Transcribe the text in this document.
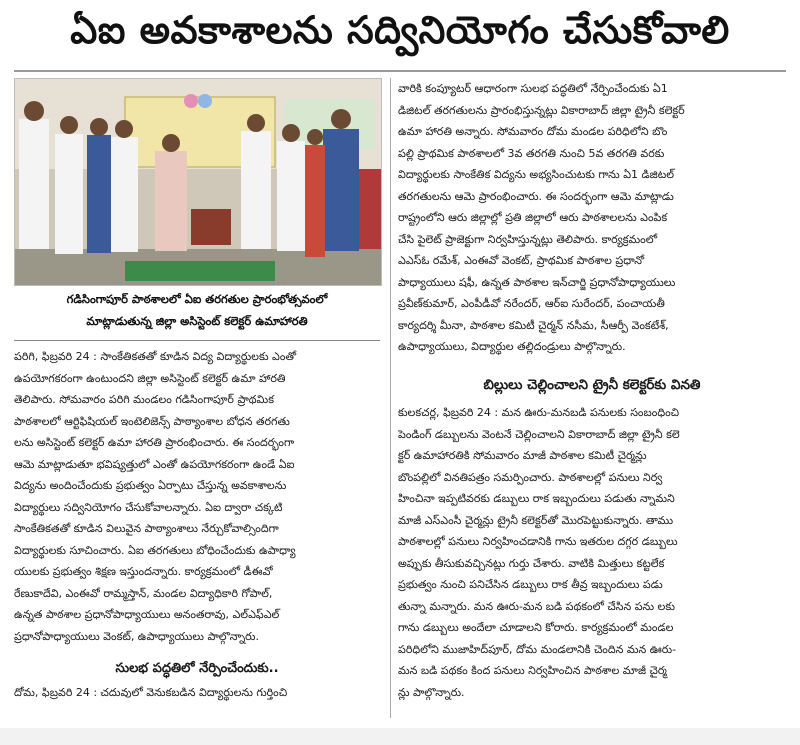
ఏఐ అవకాశాలను సద్వినియోగం చేసుకోవాలి
గడిసింగాపూర్ పాఠశాలలో ఏఐ తరగతుల ప్రారంభోత్సవంలో
మాట్లాడుతున్న జిల్లా అసిస్టెంట్ కలెక్టర్ ఉమాహారతి
పరిగి, ఫిబ్రవరి 24 : సాంకేతికతతో కూడిన విద్య విద్యార్థులకు ఎంతో
ఉపయోగకరంగా ఉంటుందని జిల్లా అసిస్టెంట్ కలెక్టర్ ఉమా హారతి
తెలిపారు. సోమవారం పరిగి మండలం గడిసింగాపూర్ ప్రాథమిక
పాఠశాలలో ఆర్టిఫిషియల్ ఇంటెలిజెన్స్ పాఠ్యాంశాల బోధన తరగతు
లను అసిస్టెంట్ కలెక్టర్ ఉమా హారతి ప్రారంభించారు. ఈ సందర్భంగా
ఆమె మాట్లాడుతూ భవిష్యత్తులో ఎంతో ఉపయోగకరంగా ఉండే ఏఐ
విద్యను అందించేందుకు ప్రభుత్వం ఏర్పాటు చేస్తున్న అవకాశాలను
విద్యార్థులు సద్వినియోగం చేసుకోవాలన్నారు. ఏఐ ద్వారా చక్కటి
సాంకేతికతతో కూడిన విలువైన పాఠ్యాంశాలు నేర్చుకోవాల్సిందిగా
విద్యార్థులకు సూచించారు. ఏఐ తరగతులు బోధించేందుకు ఉపాధ్యా
యులకు ప్రభుత్వం శిక్షణ ఇస్తుందన్నారు. కార్యక్రమంలో డీఈవో
రేణుకాదేవి, ఎంఈవో రామ్మస్తాన్, మండల విద్యాధికారి గోపాల్,
ఉన్నత పాఠశాల ప్రధానోపాధ్యాయులు అనంతరావు, ఎల్ఎఫ్ఎల్
ప్రధానోపాధ్యాయులు వెంకట్, ఉపాధ్యాయులు పాల్గొన్నారు.
సులభ పద్ధతిలో నేర్పించేందుకు..
దోమ, ఫిబ్రవరి 24 : చదువులో వెనుకబడిన విద్యార్థులను గుర్తించి
వారికి కంప్యూటర్ ఆధారంగా సులభ పద్ధతిలో నేర్పించేందుకు ఏ1
డిజిటల్ తరగతులను ప్రారంభిస్తున్నట్లు వికారాబాద్ జిల్లా ట్రైనీ కలెక్టర్
ఉమా హారతి అన్నారు. సోమవారం దోమ మండల పరిధిలోని బొం
పల్లి ప్రాథమిక పాఠశాలలో 3వ తరగతి నుంచి 5వ తరగతి వరకు
విద్యార్థులకు సాంకేతిక విద్యను అభ్యసించుటకు గాను ఏ1 డిజిటల్
తరగతులను ఆమె ప్రారంభించారు. ఈ సందర్భంగా ఆమె మాట్లాడు
రాష్ట్రంలోని ఆరు జిల్లాల్లో ప్రతి జిల్లాలో ఆరు పాఠశాలలను ఎంపిక
చేసి పైలెట్ ప్రాజెక్టుగా నిర్వహిస్తున్నట్లు తెలిపారు. కార్యక్రమంలో
ఎఎస్ఓ రమేశ్, ఎంఈవో వెంకట్, ప్రాథమిక పాఠశాల ప్రధానో
పాధ్యాయులు షఫీ, ఉన్నత పాఠశాల ఇన్‌చార్జి ప్రధానోపాధ్యాయులు
ప్రవీణ్‌కుమార్, ఎంపీడీవో నరేందర్, ఆర్ఐ సురేందర్, పంచాయతీ
కార్యదర్శి మీనా, పాఠశాల కమిటీ చైర్మన్ నసీమ, సీఆర్పీ వెంకటేశ్,
ఉపాధ్యాయులు, విద్యార్థుల తల్లిదండ్రులు పాల్గొన్నారు.
బిల్లులు చెల్లించాలని ట్రైనీ కలెక్టర్‌కు వినతి
కులకచర్ల, ఫిబ్రవరి 24 : మన ఊరు-మనబడి పనులకు సంబంధించి
పెండింగ్ డబ్బులను వెంటనే చెల్లించాలని వికారాబాద్ జిల్లా ట్రైనీ కలె
క్టర్ ఉమాహారతికి సోమవారం మాజీ పాఠశాల కమిటీ చైర్మన్లు
బొంపల్లిలో వినతిపత్రం సమర్పించారు. పాఠశాలల్లో పనులు నిర్వ
హించినా ఇప్పటివరకు డబ్బులు రాక ఇబ్బందులు పడుతు న్నామని
మాజీ ఎస్ఎంసీ చైర్మన్లు ట్రైనీ కలెక్టర్‌తో మొరపెట్టుకున్నారు. తాము
పాఠశాలల్లో పనులు నిర్వహించడానికి గాను ఇతరుల దగ్గర డబ్బులు
అప్పుకు తీసుకువచ్చినట్లు గుర్తు చేశారు. వాటికి మిత్తులు కట్టలేక
ప్రభుత్వం నుంచి పనిచేసిన డబ్బులు రాక తీవ్ర ఇబ్బందులు పడు
తున్నా మన్నారు. మన ఊరు-మన బడి పథకంలో చేసిన పను లకు
గాను డబ్బులు అందేలా చూడాలని కోరారు. కార్యక్రమంలో మండల
పరిధిలోని ముజాహిద్‌పూర్, దోమ మండలానికి చెందిన మన ఊరు-
మన బడి పథకం కింద పనులు నిర్వహించిన పాఠశాల మాజీ చైర్మ
న్లు పాల్గొన్నారు.
